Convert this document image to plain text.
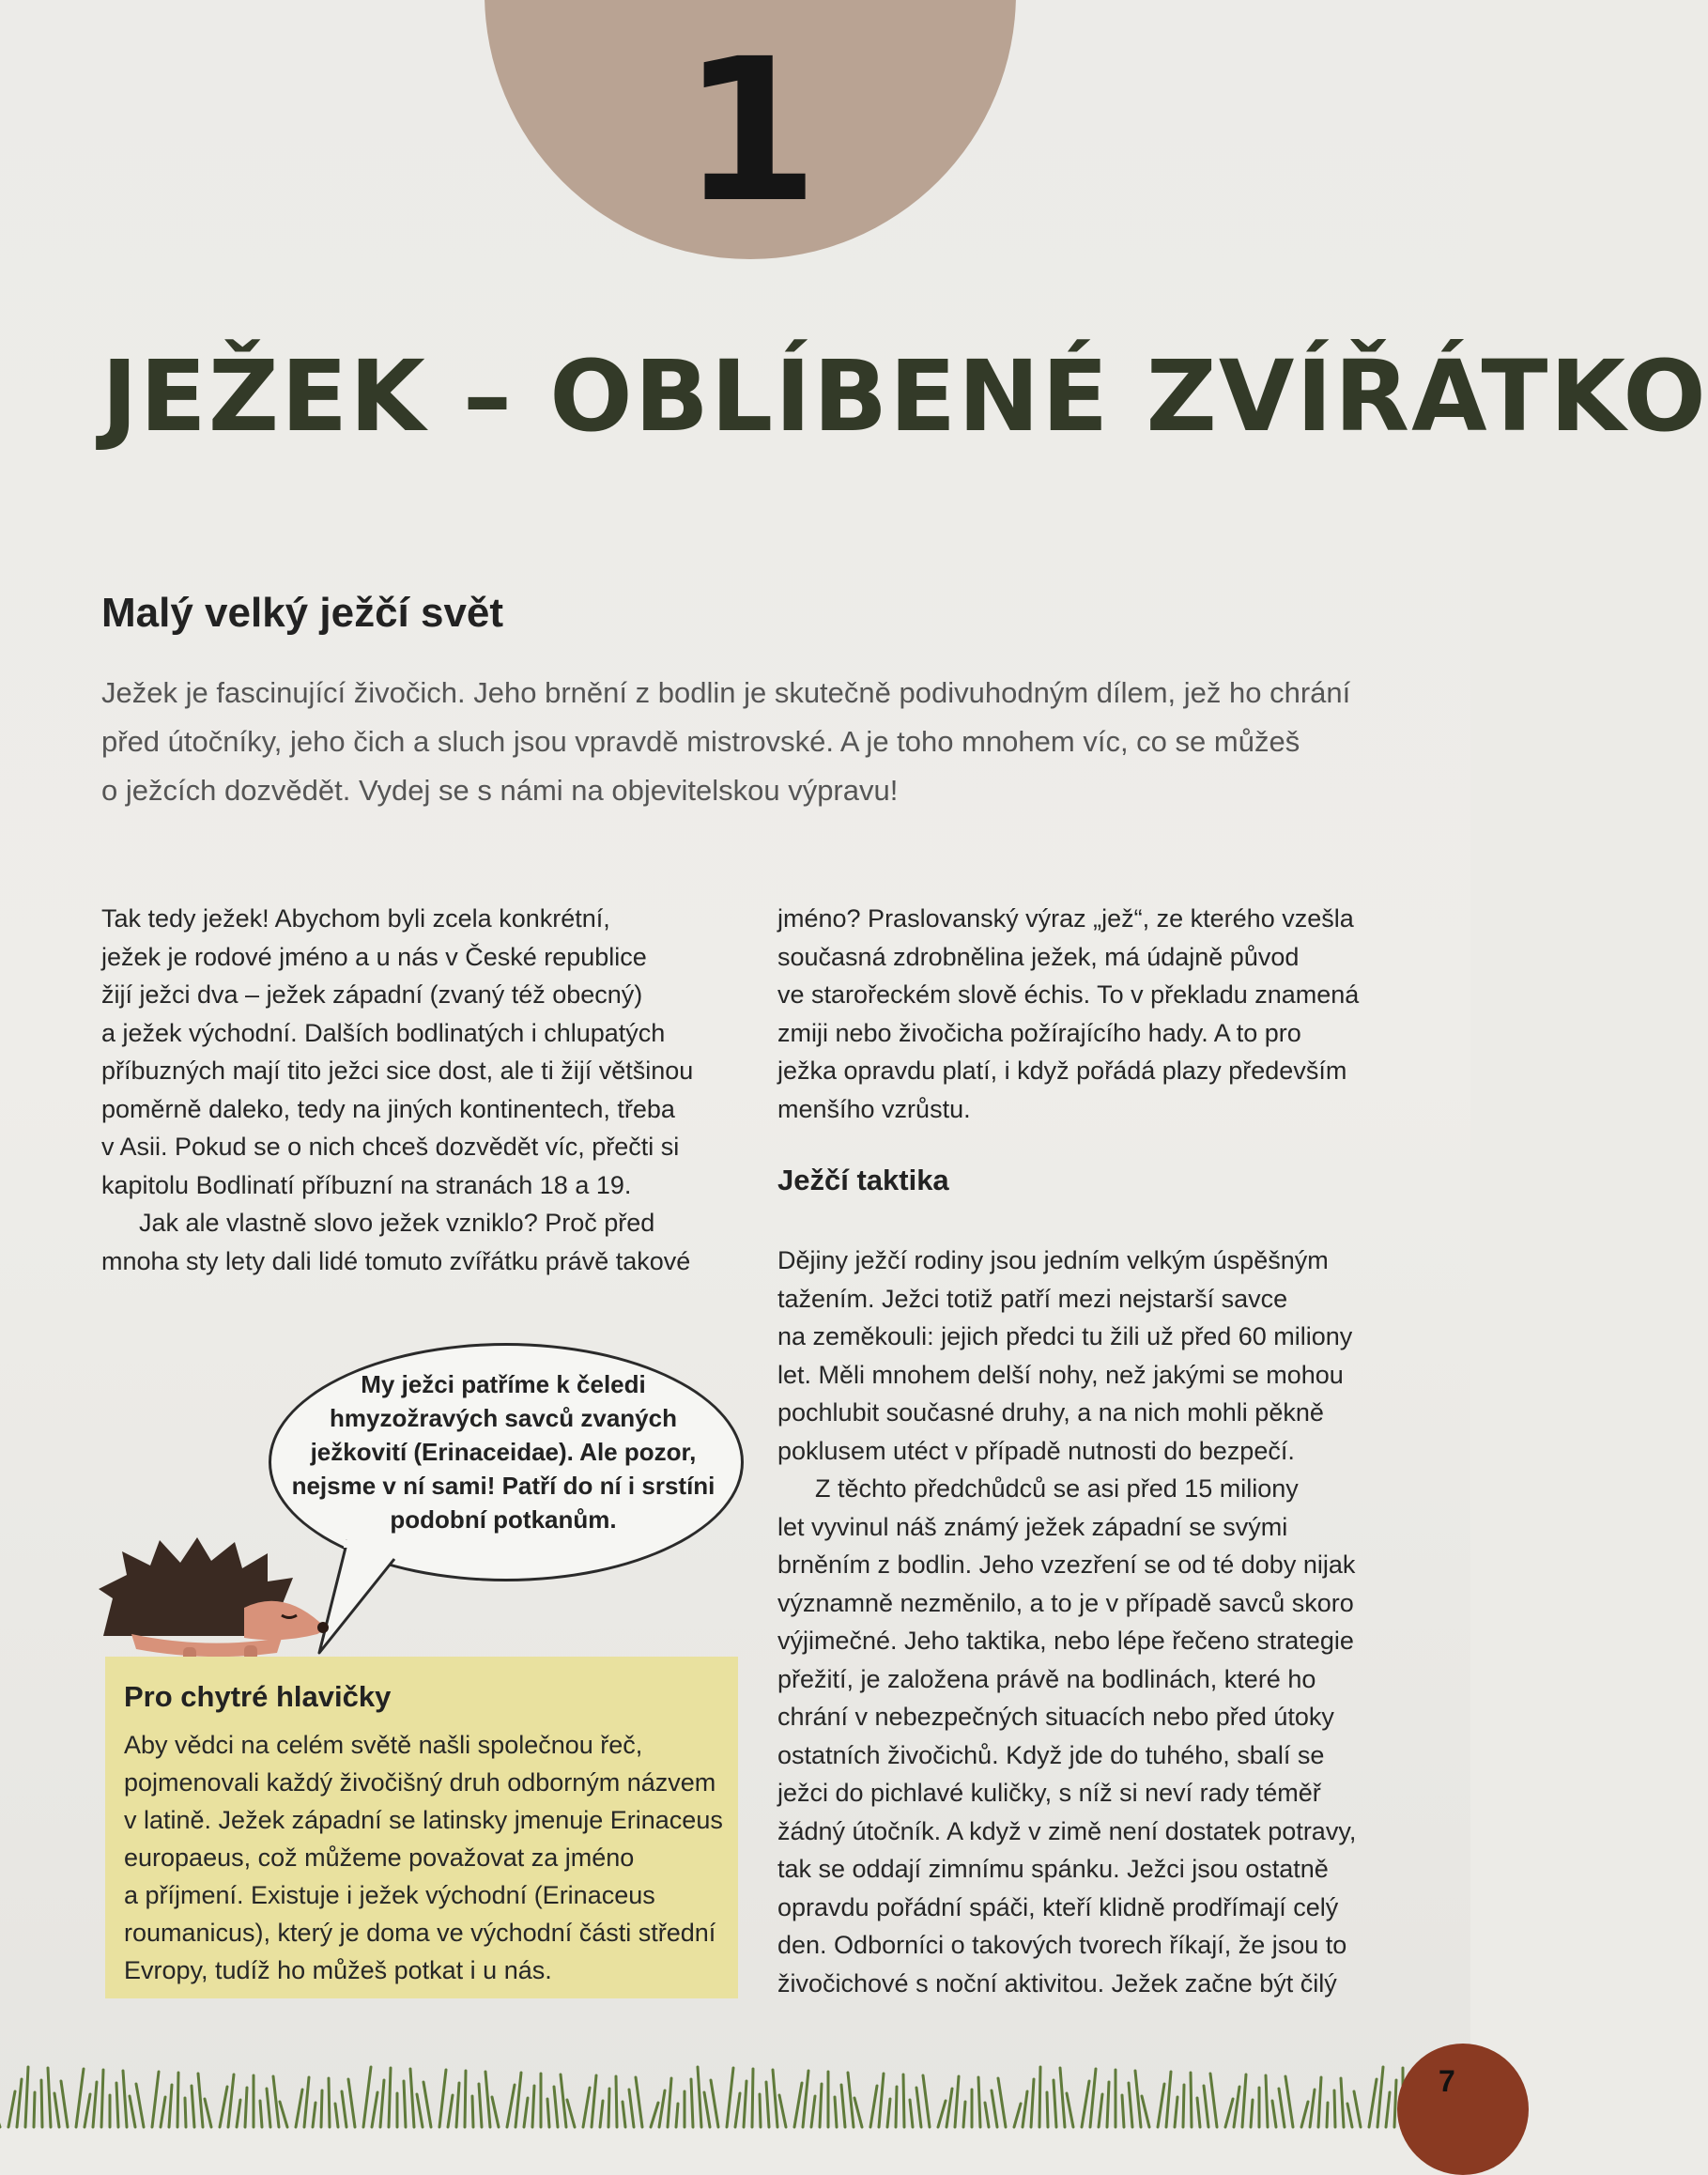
1
JEŽEK – OBLÍBENÉ ZVÍŘÁTKO
Malý velký ježčí svět
Ježek je fascinující živočich. Jeho brnění z bodlin je skutečně podivuhodným dílem, jež ho chrání
před útočníky, jeho čich a sluch jsou vpravdě mistrovské. A je toho mnohem víc, co se můžeš
o ježcích dozvědět. Vydej se s námi na objevitelskou výpravu!
Tak tedy ježek! Abychom byli zcela konkrétní,
ježek je rodové jméno a u nás v České republice
žijí ježci dva – ježek západní (zvaný též obecný)
a ježek východní. Dalších bodlinatých i chlupatých
příbuzných mají tito ježci sice dost, ale ti žijí většinou
poměrně daleko, tedy na jiných kontinentech, třeba
v Asii. Pokud se o nich chceš dozvědět víc, přečti si
kapitolu Bodlinatí příbuzní na stranách 18 a 19.
Jak ale vlastně slovo ježek vzniklo? Proč před
mnoha sty lety dali lidé tomuto zvířátku právě takové
jméno? Praslovanský výraz „jež“, ze kterého vzešla
současná zdrobnělina ježek, má údajně původ
ve starořeckém slově échis. To v překladu znamená
zmiji nebo živočicha požírajícího hady. A to pro
ježka opravdu platí, i když pořádá plazy především
menšího vzrůstu.
Ježčí taktika
Dějiny ježčí rodiny jsou jedním velkým úspěšným
tažením. Ježci totiž patří mezi nejstarší savce
na zeměkouli: jejich předci tu žili už před 60 miliony
let. Měli mnohem delší nohy, než jakými se mohou
pochlubit současné druhy, a na nich mohli pěkně
poklusem utéct v případě nutnosti do bezpečí.
Z těchto předchůdců se asi před 15 miliony
let vyvinul náš známý ježek západní se svými
brněním z bodlin. Jeho vzezření se od té doby nijak
významně nezměnilo, a to je v případě savců skoro
výjimečné. Jeho taktika, nebo lépe řečeno strategie
přežití, je založena právě na bodlinách, které ho
chrání v nebezpečných situacích nebo před útoky
ostatních živočichů. Když jde do tuhého, sbalí se
ježci do pichlavé kuličky, s níž si neví rady téměř
žádný útočník. A když v zimě není dostatek potravy,
tak se oddají zimnímu spánku. Ježci jsou ostatně
opravdu pořádní spáči, kteří klidně prodřímají celý
den. Odborníci o takových tvorech říkají, že jsou to
živočichové s noční aktivitou. Ježek začne být čilý
My ježci patříme k čeledi
hmyzožravých savců zvaných
ježkovití (Erinaceidae). Ale pozor,
nejsme v ní sami! Patří do ní i srstíni
podobní potkanům.
Pro chytré hlavičky
Aby vědci na celém světě našli společnou řeč,
pojmenovali každý živočišný druh odborným názvem
v latině. Ježek západní se latinsky jmenuje Erinaceus
europaeus, což můžeme považovat za jméno
a příjmení. Existuje i ježek východní (Erinaceus
roumanicus), který je doma ve východní části střední
Evropy, tudíž ho můžeš potkat i u nás.
7
